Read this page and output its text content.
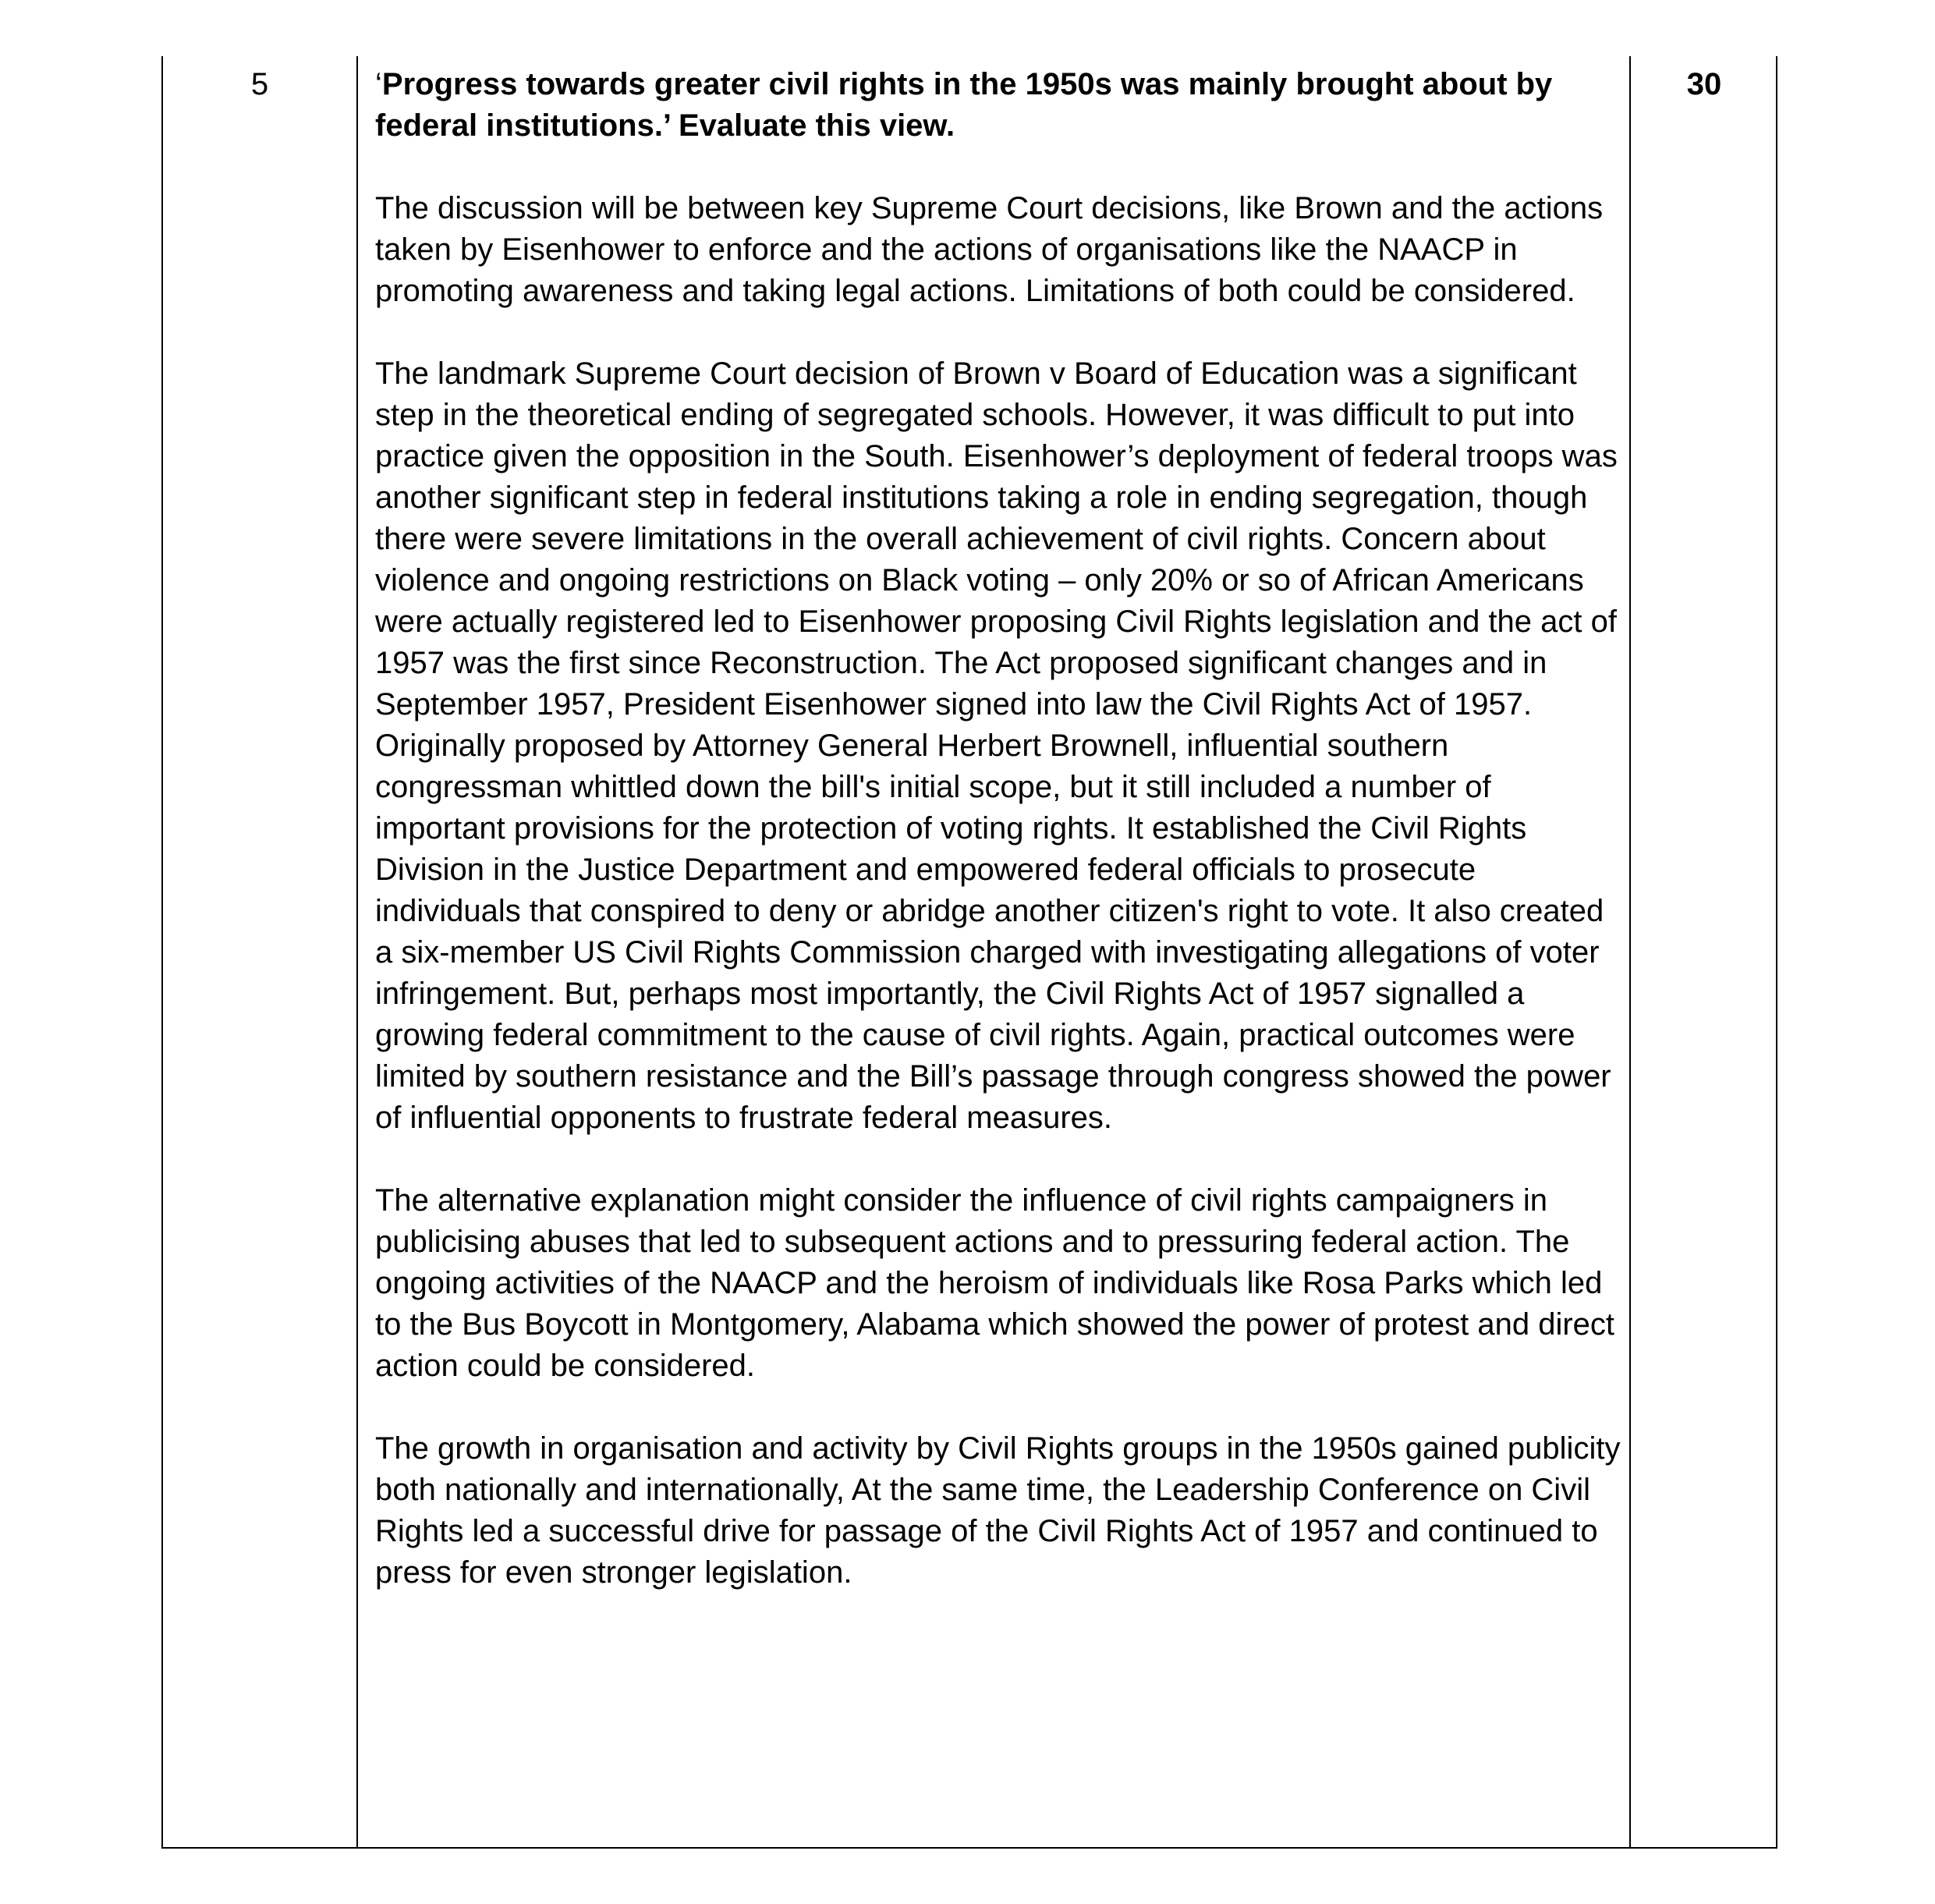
5	‘Progress towards greater civil rights in the 1950s was mainly brought about by federal institutions.’ Evaluate this view.

The discussion will be between key Supreme Court decisions, like Brown and the actions taken by Eisenhower to enforce and the actions of organisations like the NAACP in promoting awareness and taking legal actions. Limitations of both could be considered.

The landmark Supreme Court decision of Brown v Board of Education was a significant step in the theoretical ending of segregated schools. However, it was difficult to put into practice given the opposition in the South. Eisenhower’s deployment of federal troops was another significant step in federal institutions taking a role in ending segregation, though there were severe limitations in the overall achievement of civil rights. Concern about violence and ongoing restrictions on Black voting – only 20% or so of African Americans were actually registered led to Eisenhower proposing Civil Rights legislation and the act of 1957 was the first since Reconstruction. The Act proposed significant changes and in September 1957, President Eisenhower signed into law the Civil Rights Act of 1957. Originally proposed by Attorney General Herbert Brownell, influential southern congressman whittled down the bill's initial scope, but it still included a number of important provisions for the protection of voting rights. It established the Civil Rights Division in the Justice Department and empowered federal officials to prosecute individuals that conspired to deny or abridge another citizen's right to vote. It also created a six-member US Civil Rights Commission charged with investigating allegations of voter infringement. But, perhaps most importantly, the Civil Rights Act of 1957 signalled a growing federal commitment to the cause of civil rights. Again, practical outcomes were limited by southern resistance and the Bill’s passage through congress showed the power of influential opponents to frustrate federal measures.

The alternative explanation might consider the influence of civil rights campaigners in publicising abuses that led to subsequent actions and to pressuring federal action. The ongoing activities of the NAACP and the heroism of individuals like Rosa Parks which led to the Bus Boycott in Montgomery, Alabama which showed the power of protest and direct action could be considered.

The growth in organisation and activity by Civil Rights groups in the 1950s gained publicity both nationally and internationally, At the same time, the Leadership Conference on Civil Rights led a successful drive for passage of the Civil Rights Act of 1957 and continued to press for even stronger legislation.

30
